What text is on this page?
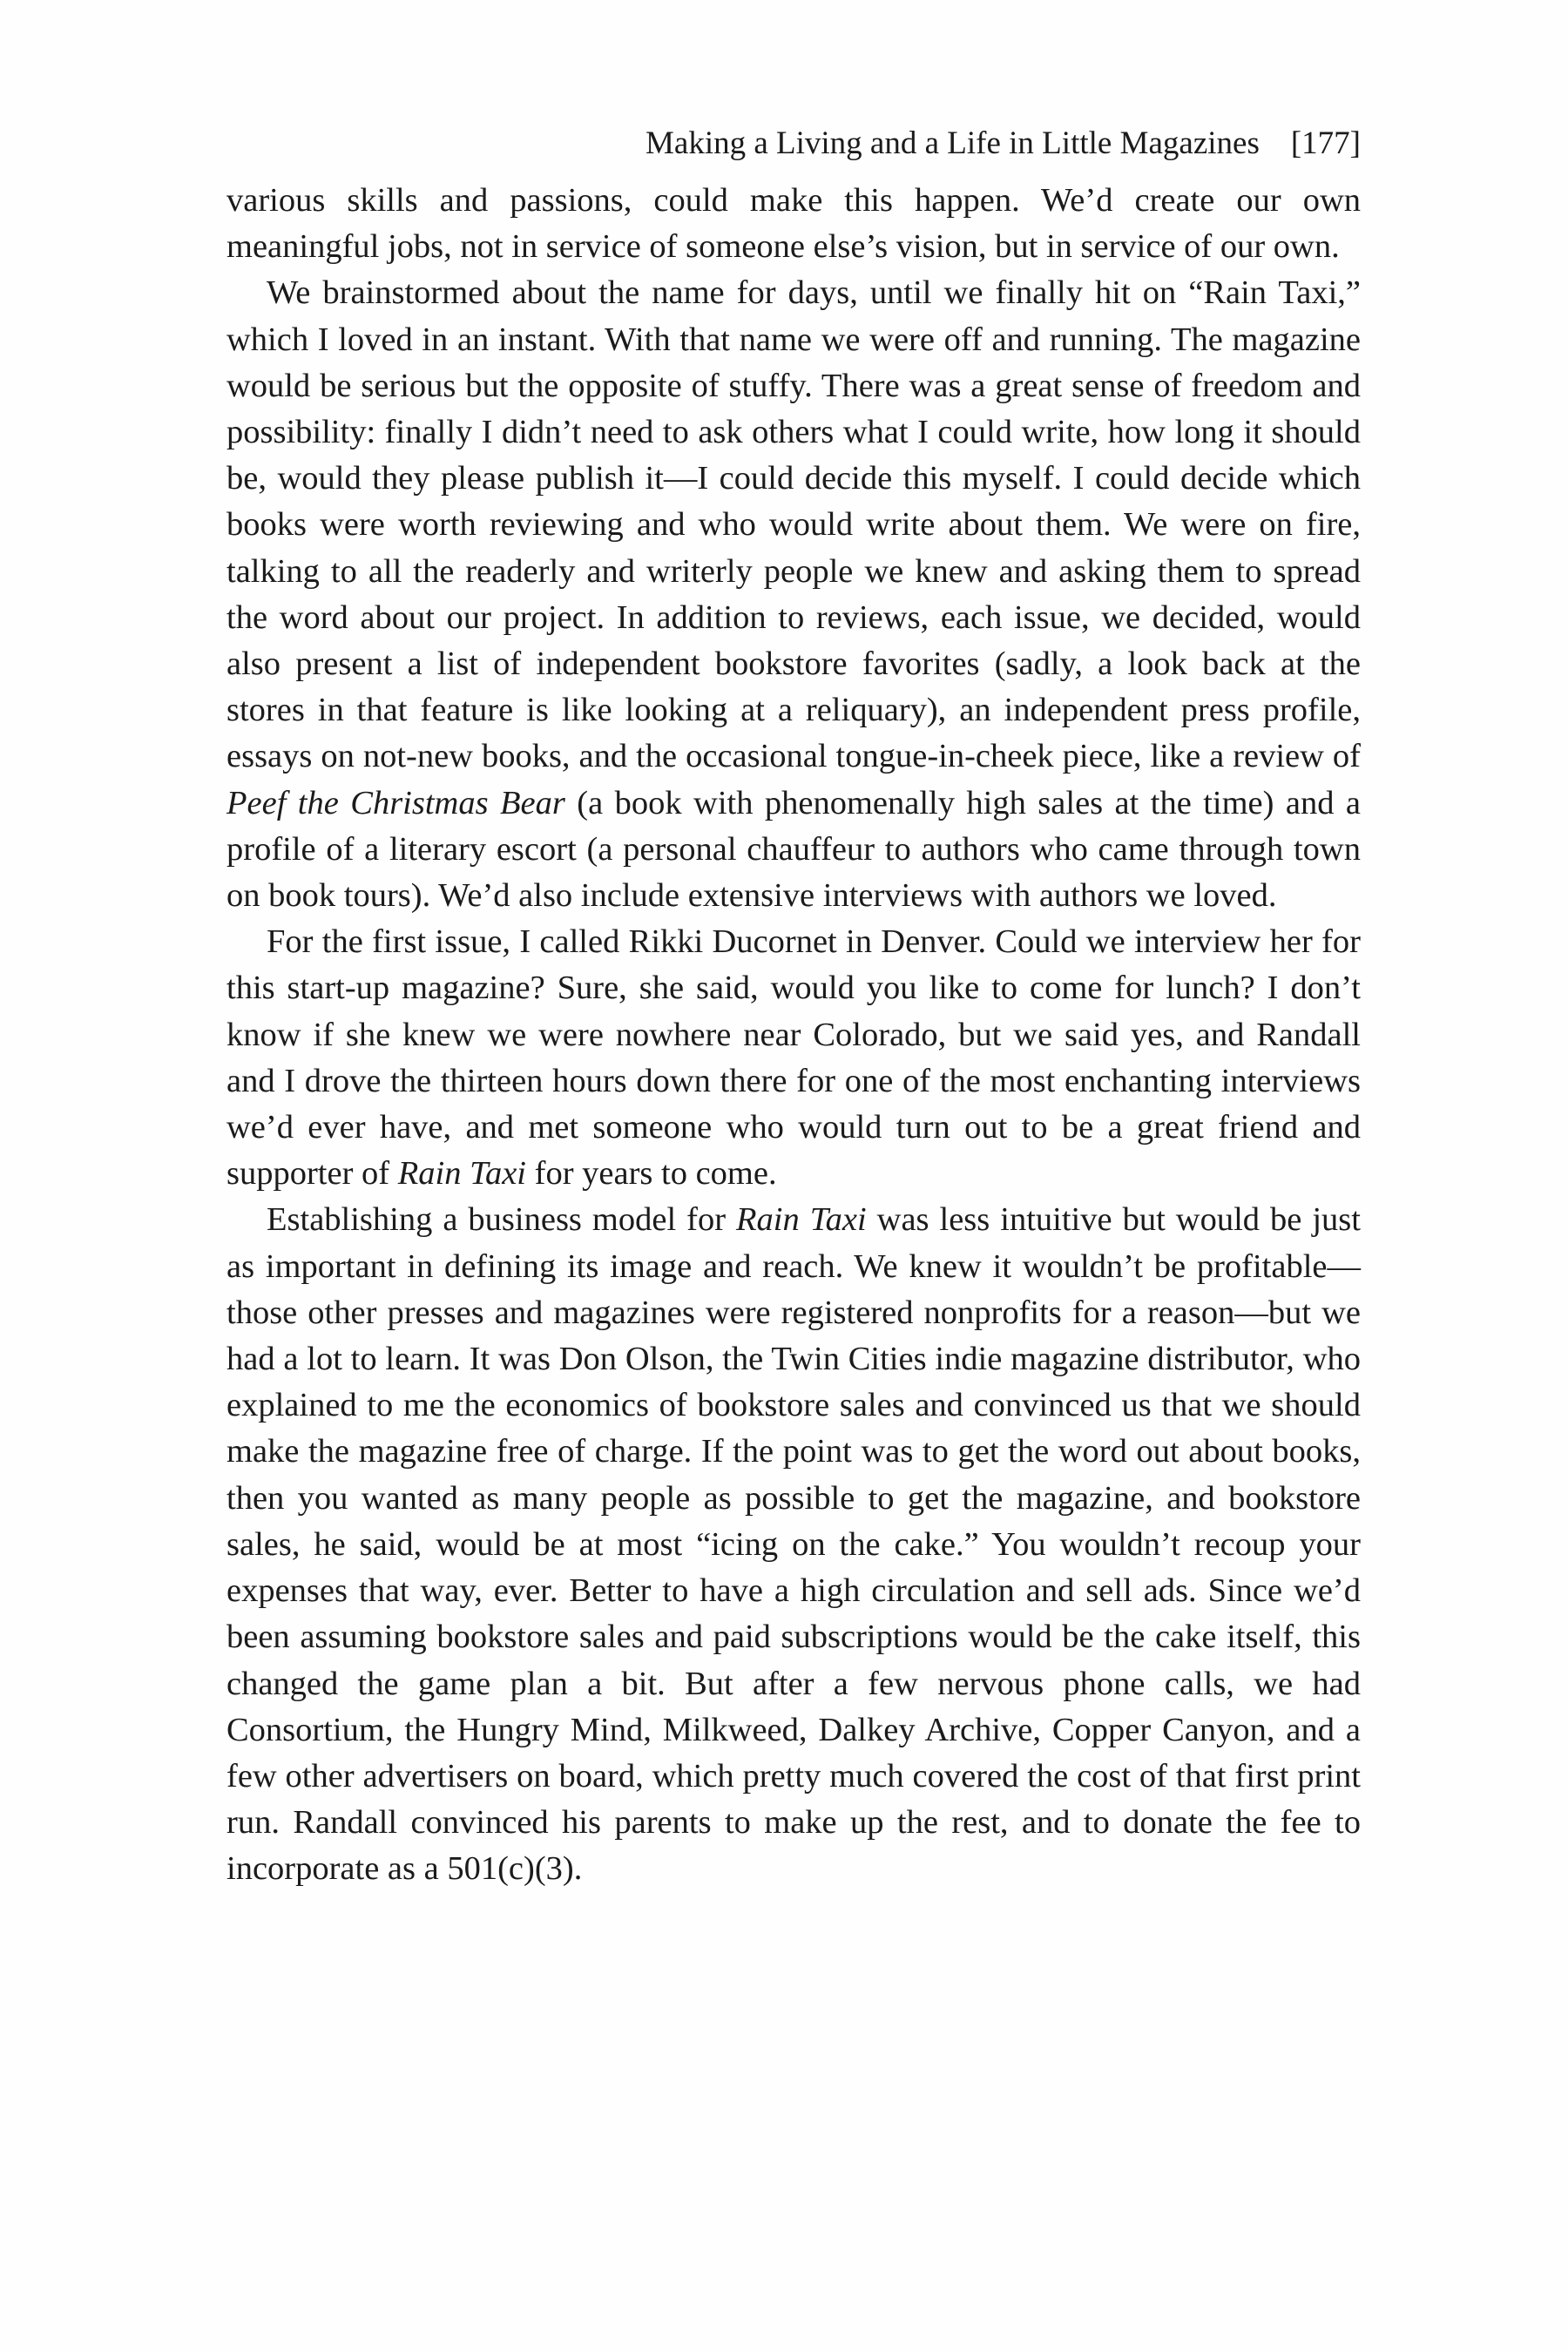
Making a Living and a Life in Little Magazines [177]

various skills and passions, could make this happen. We’d create our own meaningful jobs, not in service of someone else’s vision, but in service of our own.

We brainstormed about the name for days, until we finally hit on “Rain Taxi,” which I loved in an instant. With that name we were off and running. The magazine would be serious but the opposite of stuffy. There was a great sense of freedom and possibility: finally I didn’t need to ask others what I could write, how long it should be, would they please publish it—I could decide this myself. I could decide which books were worth reviewing and who would write about them. We were on fire, talking to all the readerly and writerly people we knew and asking them to spread the word about our project. In addition to reviews, each issue, we decided, would also present a list of independent bookstore favorites (sadly, a look back at the stores in that feature is like looking at a reliquary), an independent press profile, essays on not-new books, and the occasional tongue-in-cheek piece, like a review of Peef the Christmas Bear (a book with phenomenally high sales at the time) and a profile of a literary escort (a personal chauffeur to authors who came through town on book tours). We’d also include extensive interviews with authors we loved.

For the first issue, I called Rikki Ducornet in Denver. Could we interview her for this start-up magazine? Sure, she said, would you like to come for lunch? I don’t know if she knew we were nowhere near Colorado, but we said yes, and Randall and I drove the thirteen hours down there for one of the most enchanting interviews we’d ever have, and met someone who would turn out to be a great friend and supporter of Rain Taxi for years to come.

Establishing a business model for Rain Taxi was less intuitive but would be just as important in defining its image and reach. We knew it wouldn’t be profitable—those other presses and magazines were registered nonprofits for a reason—but we had a lot to learn. It was Don Olson, the Twin Cities indie magazine distributor, who explained to me the economics of bookstore sales and convinced us that we should make the magazine free of charge. If the point was to get the word out about books, then you wanted as many people as possible to get the magazine, and bookstore sales, he said, would be at most “icing on the cake.” You wouldn’t recoup your expenses that way, ever. Better to have a high circulation and sell ads. Since we’d been assuming bookstore sales and paid subscriptions would be the cake itself, this changed the game plan a bit. But after a few nervous phone calls, we had Consortium, the Hungry Mind, Milkweed, Dalkey Archive, Copper Canyon, and a few other advertisers on board, which pretty much covered the cost of that first print run. Randall convinced his parents to make up the rest, and to donate the fee to incorporate as a 501(c)(3).
